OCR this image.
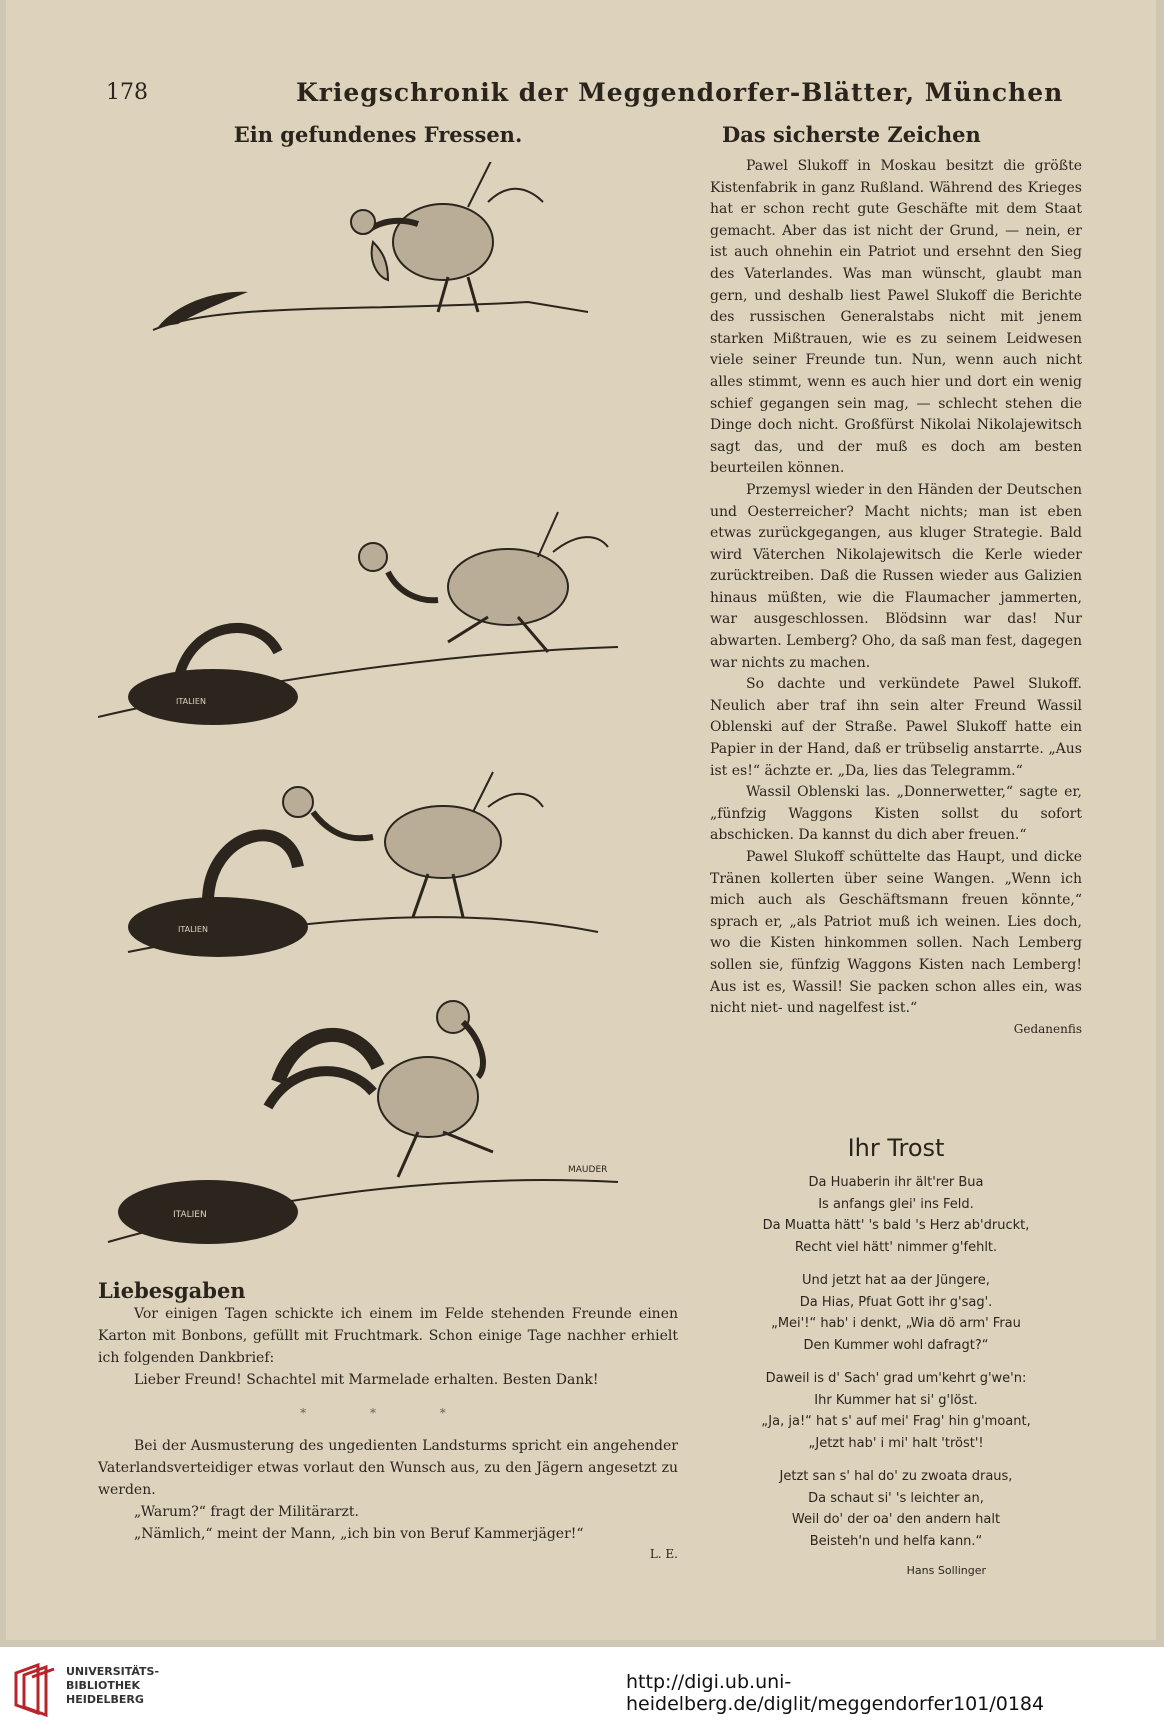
178	Kriegschronik der Meggendorfer-Blätter, München
Ein gefundenes Fressen.
ITALIEN
ITALIEN
ITALIEN
MAUDER
Liebesgaben

Vor einigen Tagen schickte ich einem im Felde stehenden Freunde einen Karton mit Bonbons, gefüllt mit Fruchtmark. Schon einige Tage nachher erhielt ich folgenden Dankbrief:

Lieber Freund! Schachtel mit Marmelade erhalten. Besten Dank!

* * *

Bei der Ausmusterung des ungedienten Landsturms spricht ein angehender Vaterlandsverteidiger etwas vorlaut den Wunsch aus, zu den Jägern angesetzt zu werden.

„Warum?“ fragt der Militärarzt.

„Nämlich,“ meint der Mann, „ich bin von Beruf Kammerjäger!“

L. E.

Das sicherste Zeichen

Pawel Slukoff in Moskau besitzt die größte Kistenfabrik in ganz Rußland. Während des Krieges hat er schon recht gute Geschäfte mit dem Staat gemacht. Aber das ist nicht der Grund, — nein, er ist auch ohnehin ein Patriot und ersehnt den Sieg des Vaterlandes. Was man wünscht, glaubt man gern, und deshalb liest Pawel Slukoff die Berichte des russischen Generalstabs nicht mit jenem starken Mißtrauen, wie es zu seinem Leidwesen viele seiner Freunde tun. Nun, wenn auch nicht alles stimmt, wenn es auch hier und dort ein wenig schief gegangen sein mag, — schlecht stehen die Dinge doch nicht. Großfürst Nikolai Nikolajewitsch sagt das, und der muß es doch am besten beurteilen können.

Przemysl wieder in den Händen der Deutschen und Oesterreicher? Macht nichts; man ist eben etwas zurückgegangen, aus kluger Strategie. Bald wird Väterchen Nikolajewitsch die Kerle wieder zurücktreiben. Daß die Russen wieder aus Galizien hinaus müßten, wie die Flaumacher jammerten, war ausgeschlossen. Blödsinn war das! Nur abwarten. Lemberg? Oho, da saß man fest, dagegen war nichts zu machen.

So dachte und verkündete Pawel Slukoff. Neulich aber traf ihn sein alter Freund Wassil Oblenski auf der Straße. Pawel Slukoff hatte ein Papier in der Hand, daß er trübselig anstarrte. „Aus ist es!“ ächzte er. „Da, lies das Telegramm.“

Wassil Oblenski las. „Donnerwetter,“ sagte er, „fünfzig Waggons Kisten sollst du sofort abschicken. Da kannst du dich aber freuen.“

Pawel Slukoff schüttelte das Haupt, und dicke Tränen kollerten über seine Wangen. „Wenn ich mich auch als Geschäftsmann freuen könnte,“ sprach er, „als Patriot muß ich weinen. Lies doch, wo die Kisten hinkommen sollen. Nach Lemberg sollen sie, fünfzig Waggons Kisten nach Lemberg! Aus ist es, Wassil! Sie packen schon alles ein, was nicht niet- und nagelfest ist.“

Gedanenfis

Ihr Trost
Da Huaberin ihr ält'rer Bua
Is anfangs glei' ins Feld.
Da Muatta hätt' 's bald 's Herz ab'druckt,
Recht viel hätt' nimmer g'fehlt.
Und jetzt hat aa der Jüngere,
Da Hias, Pfuat Gott ihr g'sag'.
„Mei'!“ hab' i denkt, „Wia dö arm' Frau
Den Kummer wohl dafragt?“
Daweil is d' Sach' grad um'kehrt g'we'n:
Ihr Kummer hat si' g'löst.
„Ja, ja!“ hat s' auf mei' Frag' hin g'moant,
„Jetzt hab' i mi' halt 'tröst'!
Jetzt san s' hal do' zu zwoata draus,
Da schaut si' 's leichter an,
Weil do' der oa' den andern halt
Beisteh'n und helfa kann.“
Hans Sollinger
UNIVERSITÄTS-
BIBLIOTHEK
HEIDELBERG
http://digi.ub.uni-heidelberg.de/diglit/meggendorfer101/0184
